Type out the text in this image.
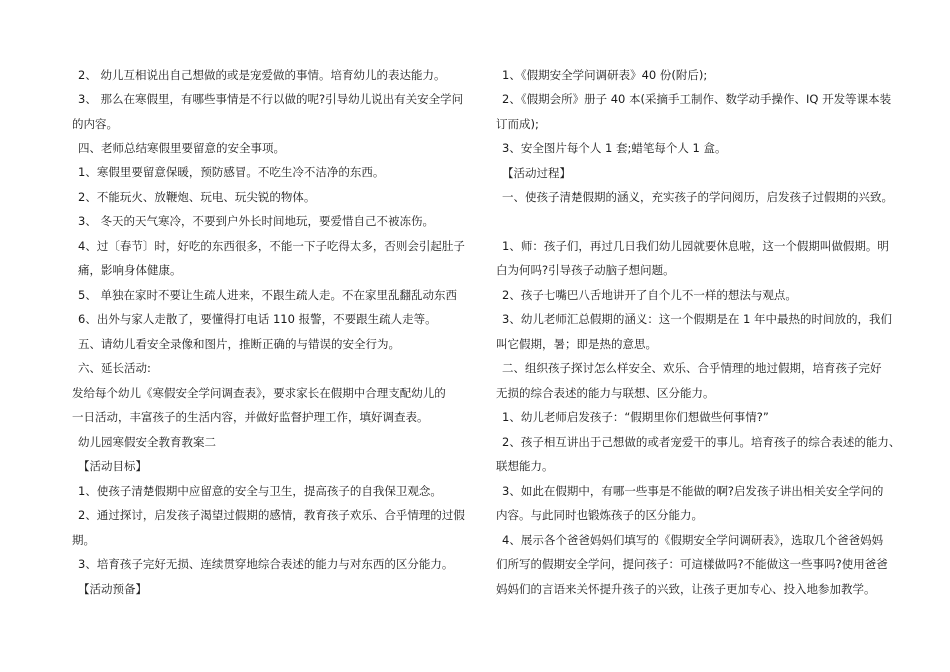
2、 幼儿互相说出自己想做的或是宠爱做的事情。培育幼儿的表达能力。
3、 那么在寒假里，有哪些事情是不行以做的呢?引导幼儿说出有关安全学问
的内容。
四、老师总结寒假里要留意的安全事项。
1、寒假里要留意保暖，预防感冒。不吃生冷不洁净的东西。
2、不能玩火、放鞭炮、玩电、玩尖锐的物体。
3、 冬天的天气寒冷，不要到户外长时间地玩，要爱惜自己不被冻伤。
4、过〔春节〕时，好吃的东西很多，不能一下子吃得太多，否则会引起肚子
痛，影响身体健康。
5、 单独在家时不要让生疏人进来，不跟生疏人走。不在家里乱翻乱动东西
6、出外与家人走散了，要懂得打电话 110 报警，不要跟生疏人走等。
五、请幼儿看安全录像和图片，推断正确的与错误的安全行为。
六、延长活动:
发给每个幼儿《寒假安全学问调查表》，要求家长在假期中合理支配幼儿的
一日活动，丰富孩子的生活内容，并做好监督护理工作，填好调查表。
幼儿园寒假安全教育教案二
【活动目标】
1、使孩子清楚假期中应留意的安全与卫生，提高孩子的自我保卫观念。
2、通过探讨，启发孩子渴望过假期的感情，教育孩子欢乐、合乎情理的过假
期。
3、培育孩子完好无损、连续贯穿地综合表述的能力与对东西的区分能力。
【活动预备】
1、《假期安全学问调研表》40 份(附后);
2、《假期会所》册子 40 本(采摘手工制作、数学动手操作、IQ 开发等课本装
订而成);
3、安全图片每个人 1 套;蜡笔每个人 1 盒。
【活动过程】
一、使孩子清楚假期的涵义，充实孩子的学问阅历，启发孩子过假期的兴致。
1、师：孩子们，再过几日我们幼儿园就要休息啦，这一个假期叫做假期。明
白为何吗?引导孩子动脑子想问题。
2、孩子七嘴巴八舌地讲开了自个儿不一样的想法与观点。
3、幼儿老师汇总假期的涵义：这一个假期是在 1 年中最热的时间放的，我们
叫它假期，暑；即是热的意思。
二、组织孩子探讨怎么样安全、欢乐、合乎情理的地过假期，培育孩子完好
无损的综合表述的能力与联想、区分能力。
1、幼儿老师启发孩子：“假期里你们想做些何事情?”
2、孩子相互讲出于己想做的或者宠爱干的事儿。培育孩子的综合表述的能力、
联想能力。
3、如此在假期中，有哪一些事是不能做的啊?启发孩子讲出相关安全学问的
内容。与此同时也锻炼孩子的区分能力。
4、展示各个爸爸妈妈们填写的《假期安全学问调研表》，选取几个爸爸妈妈
们所写的假期安全学问，提问孩子：可這樣做吗?不能做这一些事吗?使用爸爸
妈妈们的言语来关怀提升孩子的兴致，让孩子更加专心、投入地参加教学。
